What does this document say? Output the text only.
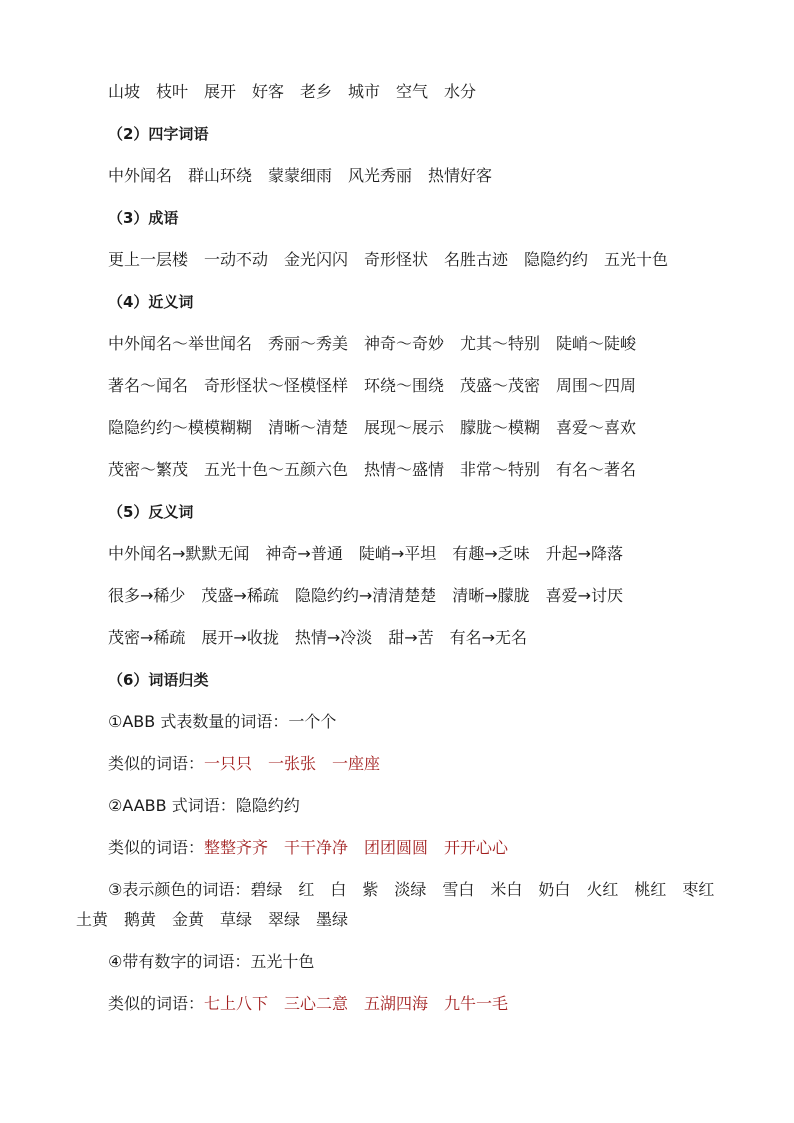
山坡　枝叶　展开　好客　老乡　城市　空气　水分
（2）四字词语
中外闻名　群山环绕　蒙蒙细雨　风光秀丽　热情好客
（3）成语
更上一层楼　一动不动　金光闪闪　奇形怪状　名胜古迹　隐隐约约　五光十色
（4）近义词
中外闻名～举世闻名　秀丽～秀美　神奇～奇妙　尤其～特别　陡峭～陡峻
著名～闻名　奇形怪状～怪模怪样　环绕～围绕　茂盛～茂密　周围～四周
隐隐约约～模模糊糊　清晰～清楚　展现～展示　朦胧～模糊　喜爱～喜欢
茂密～繁茂　五光十色～五颜六色　热情～盛情　非常～特别　有名～著名
（5）反义词
中外闻名→默默无闻　神奇→普通　陡峭→平坦　有趣→乏味　升起→降落
很多→稀少　茂盛→稀疏　隐隐约约→清清楚楚　清晰→朦胧　喜爱→讨厌
茂密→稀疏　展开→收拢　热情→冷淡　甜→苦　有名→无名
（6）词语归类
①ABB 式表数量的词语：一个个
类似的词语：一只只　一张张　一座座
②AABB 式词语：隐隐约约
类似的词语：整整齐齐　干干净净　团团圆圆　开开心心
③表示颜色的词语：碧绿　红　白　紫　淡绿　雪白　米白　奶白　火红　桃红　枣红
土黄　鹅黄　金黄　草绿　翠绿　墨绿
④带有数字的词语：五光十色
类似的词语：七上八下　三心二意　五湖四海　九牛一毛
